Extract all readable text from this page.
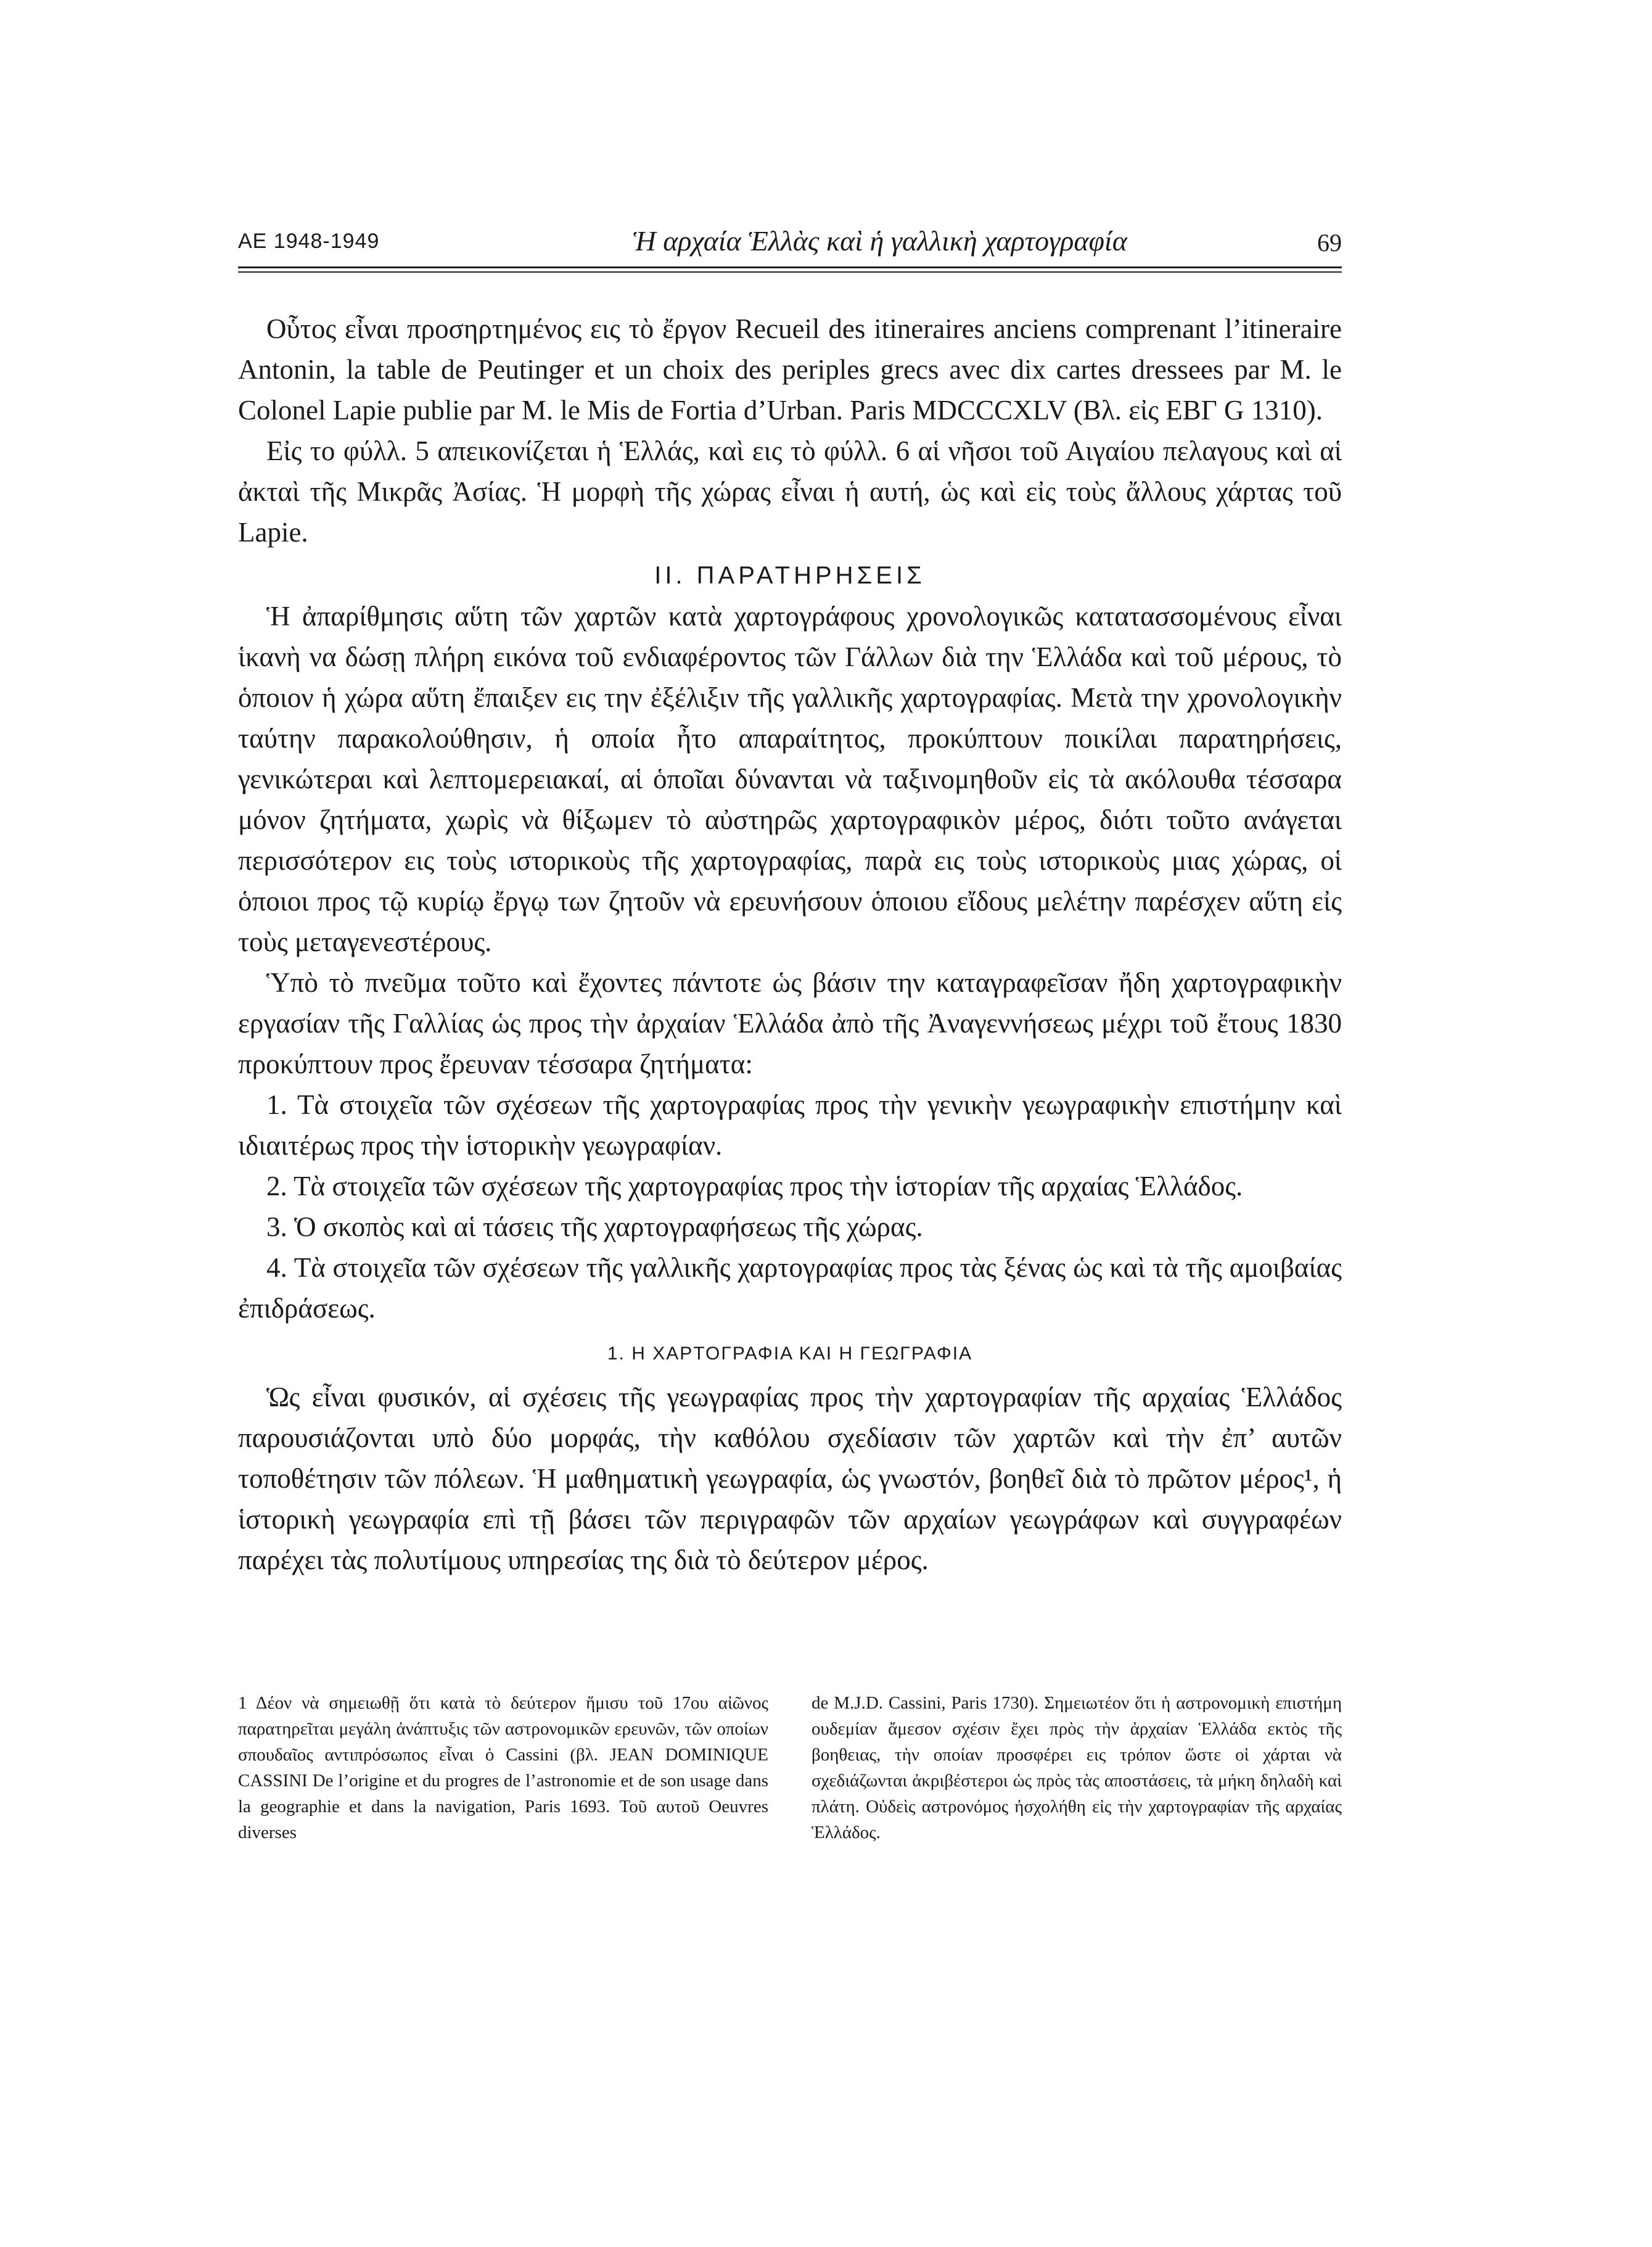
ΑΕ 1948-1949	Ἡ αρχαία Ἑλλὰς καὶ ἡ γαλλικὴ χαρτογραφία	69

Οὗτος εἶναι προσηρτημένος εις τὸ ἔργον Recueil des itineraires anciens comprenant l’itineraire Antonin, la table de Peutinger et un choix des periples grecs avec dix cartes dressees par M. le Colonel Lapie publie par M. le Mis de Fortia d’Urban. Paris MDCCCXLV (Βλ. εἰς ΕΒΓ G 1310).

Εἰς το φύλλ. 5 απεικονίζεται ἡ Ἑλλάς, καὶ εις τὸ φύλλ. 6 αἱ νῆσοι τοῦ Αιγαίου πελαγους καὶ αἱ ἀκταὶ τῆς Μικρᾶς Ἀσίας. Ἡ μορφὴ τῆς χώρας εἶναι ἡ αυτή, ὡς καὶ εἰς τοὺς ἄλλους χάρτας τοῦ Lapie.

II. ΠΑΡΑΤΗΡΗΣΕΙΣ

Ἡ ἀπαρίθμησις αὕτη τῶν χαρτῶν κατὰ χαρτογράφους χρονολογικῶς κατατασσομένους εἶναι ἱκανὴ να δώσῃ πλήρη εικόνα τοῦ ενδιαφέροντος τῶν Γάλλων διὰ την Ἑλλάδα καὶ τοῦ μέρους, τὸ ὁποιον ἡ χώρα αὕτη ἔπαιξεν εις την ἐξέλιξιν τῆς γαλλικῆς χαρτογραφίας. Μετὰ την χρονολογικὴν ταύτην παρακολούθησιν, ἡ οποία ἦτο απαραίτητος, προκύπτουν ποικίλαι παρατηρήσεις, γενικώτεραι καὶ λεπτομερειακαί, αἱ ὁποῖαι δύνανται νὰ ταξινομηθοῦν εἰς τὰ ακόλουθα τέσσαρα μόνον ζητήματα, χωρὶς νὰ θίξωμεν τὸ αὐστηρῶς χαρτογραφικὸν μέρος, διότι τοῦτο ανάγεται περισσότερον εις τοὺς ιστορικοὺς τῆς χαρτογραφίας, παρὰ εις τοὺς ιστορικοὺς μιας χώρας, οἱ ὁποιοι προς τῷ κυρίῳ ἔργῳ των ζητοῦν νὰ ερευνήσουν ὁποιου εἴδους μελέτην παρέσχεν αὕτη εἰς τοὺς μεταγενεστέρους.

Ὑπὸ τὸ πνεῦμα τοῦτο καὶ ἔχοντες πάντοτε ὡς βάσιν την καταγραφεῖσαν ἤδη χαρτογραφικὴν εργασίαν τῆς Γαλλίας ὡς προς τὴν ἀρχαίαν Ἑλλάδα ἀπὸ τῆς Ἀναγεννήσεως μέχρι τοῦ ἔτους 1830 προκύπτουν προς ἔρευναν τέσσαρα ζητήματα:

1. Τὰ στοιχεῖα τῶν σχέσεων τῆς χαρτογραφίας προς τὴν γενικὴν γεωγραφικὴν επιστήμην καὶ ιδιαιτέρως προς τὴν ἱστορικὴν γεωγραφίαν.

2. Τὰ στοιχεῖα τῶν σχέσεων τῆς χαρτογραφίας προς τὴν ἱστορίαν τῆς αρχαίας Ἑλλάδος.

3. Ὁ σκοπὸς καὶ αἱ τάσεις τῆς χαρτογραφήσεως τῆς χώρας.

4. Τὰ στοιχεῖα τῶν σχέσεων τῆς γαλλικῆς χαρτογραφίας προς τὰς ξένας ὡς καὶ τὰ τῆς αμοιβαίας ἐπιδράσεως.

1. Η ΧΑΡΤΟΓΡΑΦΙΑ ΚΑΙ Η ΓΕΩΓΡΑΦΙΑ

Ὡς εἶναι φυσικόν, αἱ σχέσεις τῆς γεωγραφίας προς τὴν χαρτογραφίαν τῆς αρχαίας Ἑλλάδος παρουσιάζονται υπὸ δύο μορφάς, τὴν καθόλου σχεδίασιν τῶν χαρτῶν καὶ τὴν ἐπ’ αυτῶν τοποθέτησιν τῶν πόλεων. Ἡ μαθηματικὴ γεωγραφία, ὡς γνωστόν, βοηθεῖ διὰ τὸ πρῶτον μέρος¹, ἡ ἱστορικὴ γεωγραφία επὶ τῇ βάσει τῶν περιγραφῶν τῶν αρχαίων γεωγράφων καὶ συγγραφέων παρέχει τὰς πολυτίμους υπηρεσίας της διὰ τὸ δεύτερον μέρος.

1 Δέον νὰ σημειωθῇ ὅτι κατὰ τὸ δεύτερον ἥμισυ τοῦ 17ου αἰῶνος παρατηρεῖται μεγάλη ἀνάπτυξις τῶν αστρονομικῶν ερευνῶν, τῶν οποίων σπουδαῖος αντιπρόσωπος εἶναι ὁ Cassini (βλ. JEAN DOMINIQUE CASSINI De l’origine et du progres de l’astronomie et de son usage dans la geographie et dans la navigation, Paris 1693. Τοῦ αυτοῦ Oeuvres diverses

de M.J.D. Cassini, Paris 1730). Σημειωτέον ὅτι ἡ αστρονομικὴ επιστήμη ουδεμίαν ἄμεσον σχέσιν ἔχει πρὸς τὴν ἀρχαίαν Ἑλλάδα εκτὸς τῆς βοηθειας, τὴν οποίαν προσφέρει εις τρόπον ὥστε οἱ χάρται νὰ σχεδιάζωνται ἀκριβέστεροι ὡς πρὸς τὰς αποστάσεις, τὰ μήκη δηλαδὴ καὶ πλάτη. Οὐδεὶς αστρονόμος ἠσχολήθη εἰς τὴν χαρτογραφίαν τῆς αρχαίας Ἑλλάδος.
